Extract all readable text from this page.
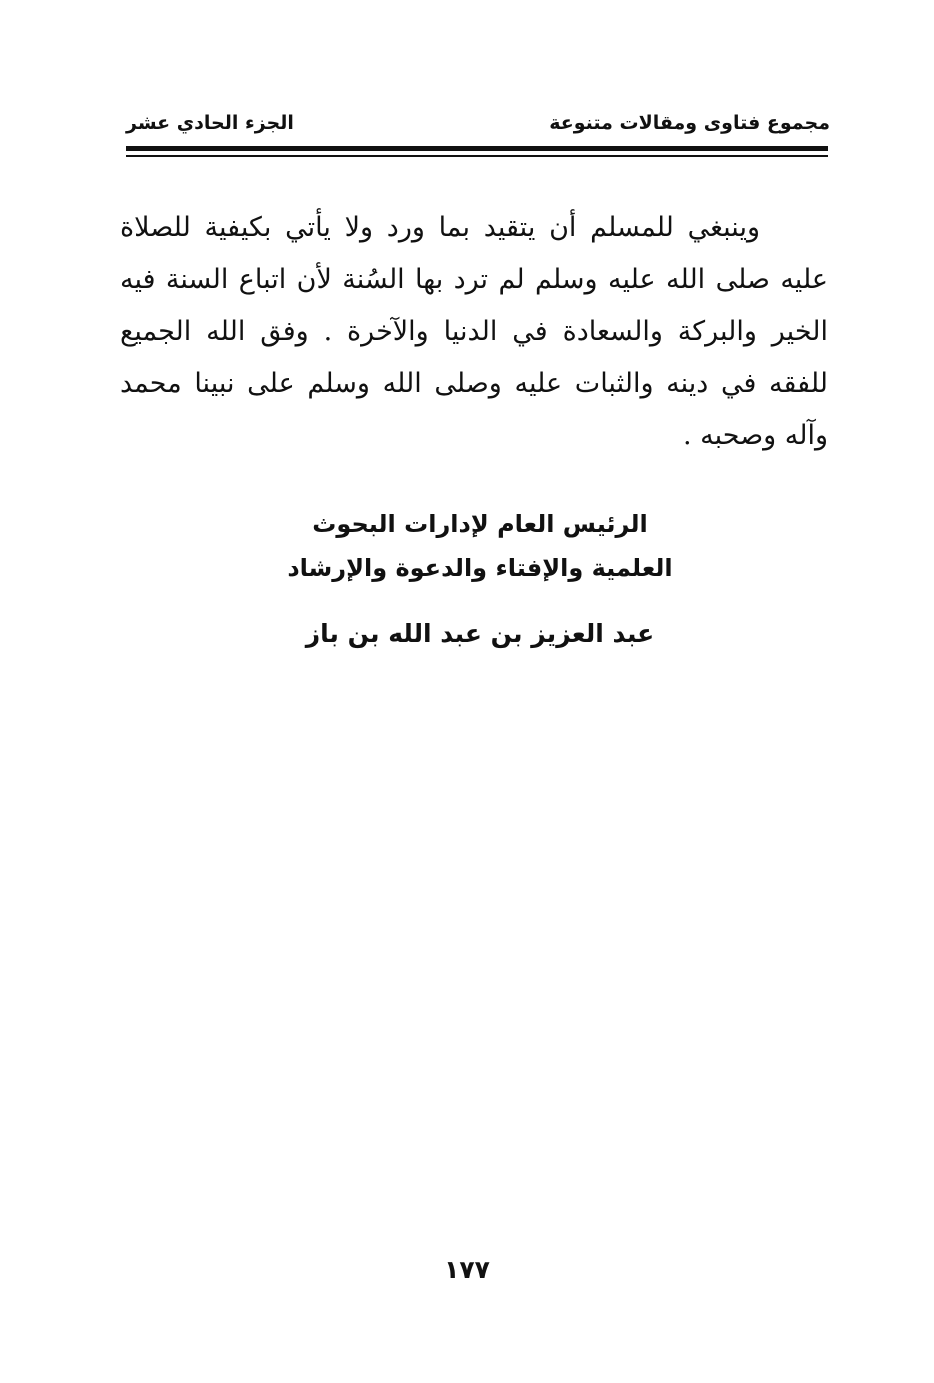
مجموع فتاوى ومقالات متنوعة
الجزء الحادي عشر

وينبغي للمسلم أن يتقيد بما ورد ولا يأتي بكيفية للصلاة عليه صلى الله عليه وسلم لم ترد بها السُنة لأن اتباع السنة فيه الخير والبركة والسعادة في الدنيا والآخرة . وفق الله الجميع للفقه في دينه والثبات عليه وصلى الله وسلم على نبينا محمد وآله وصحبه .

الرئيس العام لإدارات البحوث
العلمية والإفتاء والدعوة والإرشاد
عبد العزيز بن عبد الله بن باز
١٧٧
